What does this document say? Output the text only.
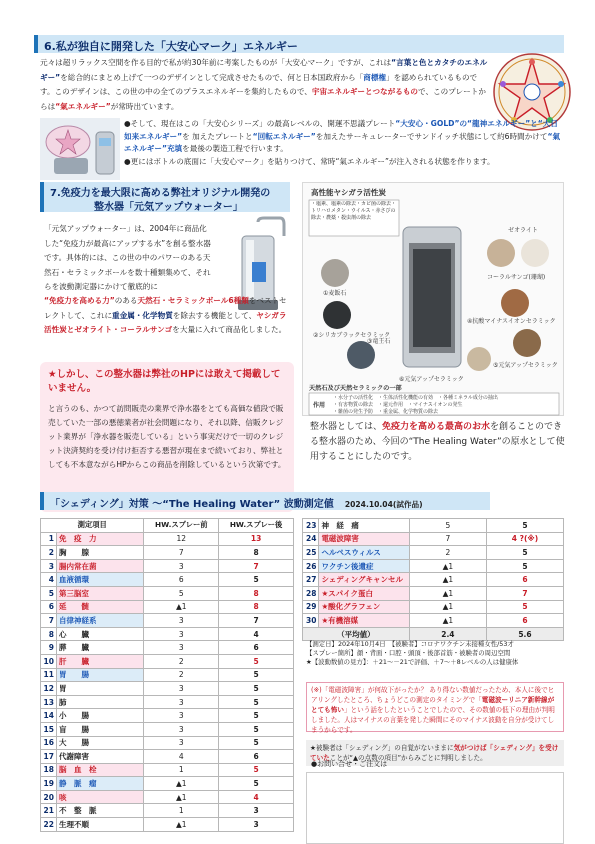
6.私が独自に開発した「大安心マーク」エネルギー
元々は超リラックス空間を作る目的で私が約30年前に考案したものが「大安心マーク」ですが、これは“言葉と色とカタチのエネルギー”を総合的にまとめ上げて一つのデザインとして完成させたもので、何と日本国政府から「商標権」を認められているものです。このデザインは、この世の中の全てのプラスエネルギーを集約したもので、宇宙エネルギーとつながるもので、このプレートからは“氣エネルギー”が常時出ています。
●そして、現在はこの「大安心シリーズ」の最高レベルの、開運不思議プレート“大安心・GOLD”の“龍神エネルギー”と“大日如来エネルギー”を 加えたプレートと“回転エネルギー”を加えたサーキュレーターでサンドイッチ状態にして約6時間かけて“氣エネルギー”充填を最後の製造工程で行います。
●更にはボトルの底面に「大安心マーク」を貼りつけて、常時“氣エネルギー”が注入される状態を作ります。
7.免疫力を最大限に高める弊社オリジナル開発の
整水器「元気アップウォーター」
「元気アップウォーター」は、2004年に商品化した“免疫力が最高にアップする水”を創る整水器です。具体的には、この世の中のパワーのある天然石・セラミックボールを数十種類集めて、それらを波動測定器にかけて徹底的に
“免疫力を高める力”のある天然石・セラミックボール6種類をベストセレクトして、これに重金属・化学物質を除去する機能として、ヤシガラ活性炭とゼオライト・コーラルサンゴを大量に入れて商品化しました。
★しかし、この整水器は弊社のHPには敢えて掲載していません。
と言うのも、かつて訪問販売の業界で浄水器をとても高価な値段で販売していた一部の悪徳業者が社会問題になり、それ以降、信販クレジット業界が「浄水器を販売している」という事実だけで一切のクレジット決済契約を受け付け拒否する悪習が現在まで続いており、弊社としても不本意ながらHPからこの商品を削除しているという次第です。
高性能ヤシガラ活性炭
・塩素、塩素の除去・カビ菌の除去・トリハロメタン・ウイルス・赤さびの除去・農薬・殺虫剤の除去
ゼオライト
①麦飯石
コーラルサンゴ(珊瑚)
②シリカブラックセラミック
④抗酸マイナスイオンセラミック
③竜王石
⑤元気アップセラミック
⑥元気アップセラミック
天然石及び天然セラミックの一部
作用
・水分子の活性化　・生体活性化機能の有効　・各種ミネラル成分の抽出
・有害物質の除去　・還元作用　・マイナスイオンの発生
・雑菌の発生予防　・重金属、化学物質の除去
整水器としては、免疫力を高める最高のお水を創ることのできる整水器のため、今回の“The Healing Water”の原水として使用することにしたのです。
「シェディング」対策 ～“The Healing Water” 波動測定値 2024.10.04(試作品)
測定項目		HW.スプレー前	HW.スプレー後
1	免　疫　力	12	13
2	胸　　腺	7	8
3	腸内常在菌	3	7
4	血液循環	6	5
5	第三脳室	5	8
6	延　　髄	▲1	8
7	自律神経系	3	7
8	心　　臓	3	4
9	膵　　臓	3	6
10	肝　　臓	2	5
11	胃　　腸	2	5
12	胃	3	5
13	肺	3	5
14	小　　腸	3	5
15	盲　　腸	3	5
16	大　　腸	3	5
17	代謝障害	4	6
18	脳　血　栓	1	5
19	静　脈　瘤	▲1	5
20	咳	▲1	4
21	不　整　脈	1	3
22	生理不順	▲1	3
23	神　経　痛	5	5
24	電磁波障害	7	4 ?(※)
25	ヘルペスウィルス	2	5
26	ワクチン後遺症	▲1	5
27	シェディングキャンセル	▲1	6
28	★スパイク蛋白	▲1	7
29	★酸化グラフェン	▲1	5
30	★有機溶媒	▲1	6
（平均値）		2.4	5.6
【測定日】2024年10月4日　【被験者】コロナワクチン未接種女性/53才
【スプレー箇所】顔・背面・口腔・頭頂・後部首筋・被験者の周辺空間
★【波動数値の見方】：＋21～－21で評価、＋7～＋8レベルの人は健康体
(※)「電磁波障害」が何故下がったか？ あり得ない数値だったため、本人に後でヒアリングしたところ、ちょうどこの測定のタイミングで「電磁波ーリニア新幹線がとても怖い」という話をしたということでしたので、その数値の低下の理由が判明しました。人はマイナスの言葉を発した瞬間にそのマイナス波動を自分が受けてしまうからです。
★被験者は「シェディング」の自覚がないままに気がつけば「シェディング」を受けていたことが“▲の点数の項目”からみごとに判明しました。
●お問い合せ・ご注文は
